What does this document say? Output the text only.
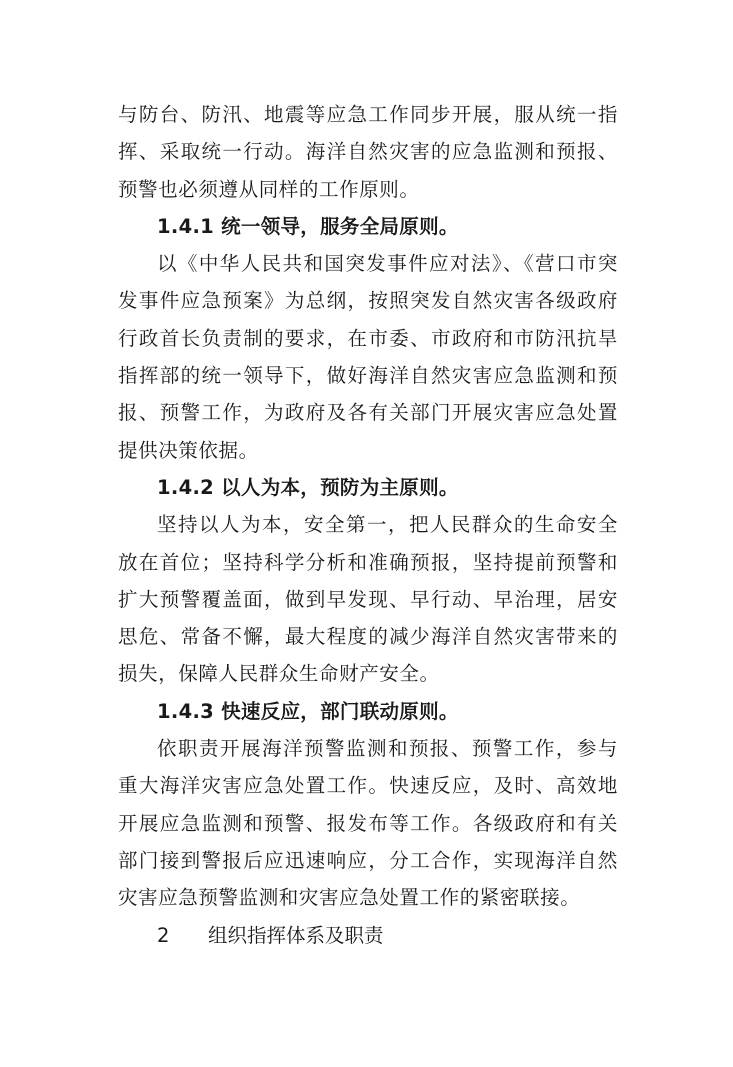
与防台、防汛、地震等应急工作同步开展，服从统一指挥、采取统一行动。海洋自然灾害的应急监测和预报、预警也必须遵从同样的工作原则。

1.4.1 统一领导，服务全局原则。

以《中华人民共和国突发事件应对法》、《营口市突发事件应急预案》为总纲，按照突发自然灾害各级政府行政首长负责制的要求，在市委、市政府和市防汛抗旱指挥部的统一领导下，做好海洋自然灾害应急监测和预报、预警工作，为政府及各有关部门开展灾害应急处置提供决策依据。

1.4.2 以人为本，预防为主原则。

坚持以人为本，安全第一，把人民群众的生命安全放在首位；坚持科学分析和准确预报，坚持提前预警和扩大预警覆盖面，做到早发现、早行动、早治理，居安思危、常备不懈，最大程度的减少海洋自然灾害带来的损失，保障人民群众生命财产安全。

1.4.3 快速反应，部门联动原则。

依职责开展海洋预警监测和预报、预警工作，参与重大海洋灾害应急处置工作。快速反应，及时、高效地开展应急监测和预警、报发布等工作。各级政府和有关部门接到警报后应迅速响应，分工合作，实现海洋自然灾害应急预警监测和灾害应急处置工作的紧密联接。

2 组织指挥体系及职责
